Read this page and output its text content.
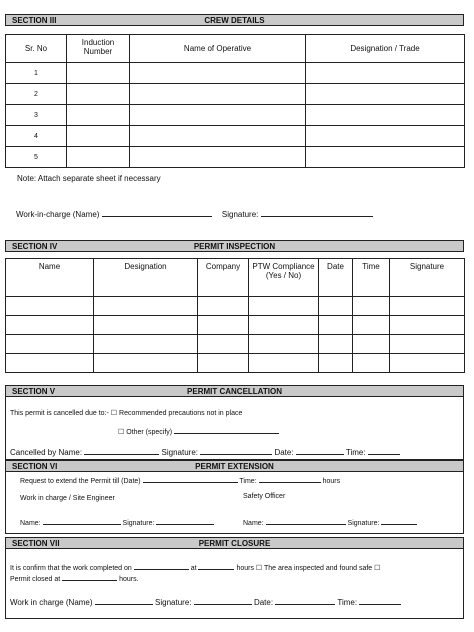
SECTION III	CREW DETAILS
Sr. No	Induction Number	Name of Operative	Designation / Trade
1			
2			
3			
4			
5			
Note: Attach separate sheet if necessary
Work-in-charge (Name)	Signature:
SECTION IV	PERMIT INSPECTION
Name	Designation	Company	PTW Compliance (Yes / No)	Date	Time	Signature

SECTION V	PERMIT CANCELLATION
This permit is cancelled due to:- ☐ Recommended precautions not in place
☐ Other (specify)
Cancelled by Name:	Signature:	Date:	Time:
SECTION VI	PERMIT EXTENSION
Request to extend the Permit till (Date)	Time:	hours
Work in charge / Site Engineer	Safety Officer
Name:	Signature:	Name:	Signature:
SECTION VII	PERMIT CLOSURE
It is confirm that the work completed on	at	hours ☐ The area inspected and found safe ☐
Permit closed at	hours.
Work in charge (Name)	Signature:	Date:	Time:
